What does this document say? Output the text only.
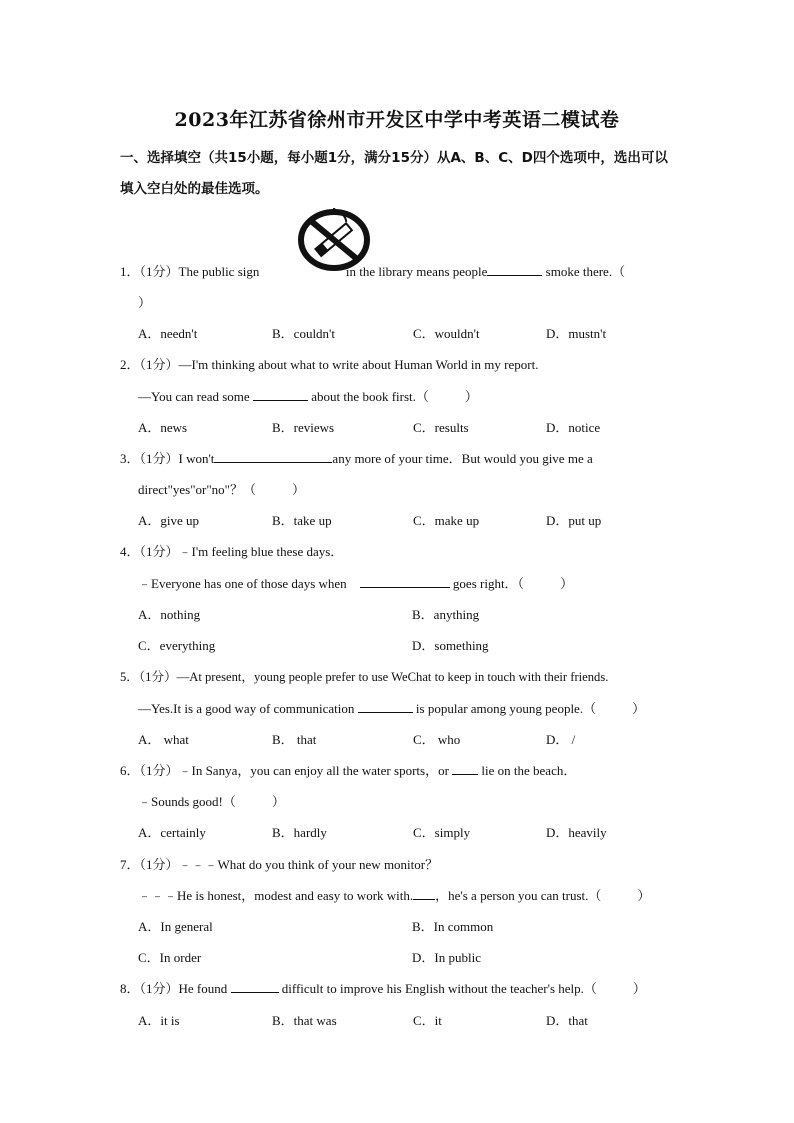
2023年江苏省徐州市开发区中学中考英语二模试卷
一、选择填空（共15小题，每小题1分，满分15分）从A、B、C、D四个选项中，选出可以填入空白处的最佳选项。
1．（1分）The public sign	in the library means people	smoke there.（
）
A．needn't	B．couldn't	C．wouldn't	D．mustn't
2．（1分）—I'm thinking about what to write about Human World in my report.
—You can read some	about the book first.（	）
A．news	B．reviews	C．results	D．notice
3．（1分）I won't	any more of your time．But would you give me a
direct"yes"or"no"？（	）
A．give up	B．take up	C．make up	D．put up
4．（1分）﹣I'm feeling blue these days．
﹣Everyone has one of those days when	goes right．（	）
A．nothing	B．anything
C．everything	D．something
5．（1分）—At present，young people prefer to use WeChat to keep in touch with their friends.
—Yes.It is a good way of communication	is popular among young people.（	）
A． what	B． that	C． who	D． /
6．（1分）﹣In Sanya，you can enjoy all the water sports，or	lie on the beach．
﹣Sounds good!（	）
A．certainly	B．hardly	C．simply	D．heavily
7．（1分）﹣﹣﹣What do you think of your new monitor？
﹣﹣﹣He is honest，modest and easy to work with. ，he's a person you can trust.（	）
A．In general	B．In common
C．In order	D．In public
8．（1分）He found	difficult to improve his English without the teacher's help.（	）
A．it is	B．that was	C．it	D．that
